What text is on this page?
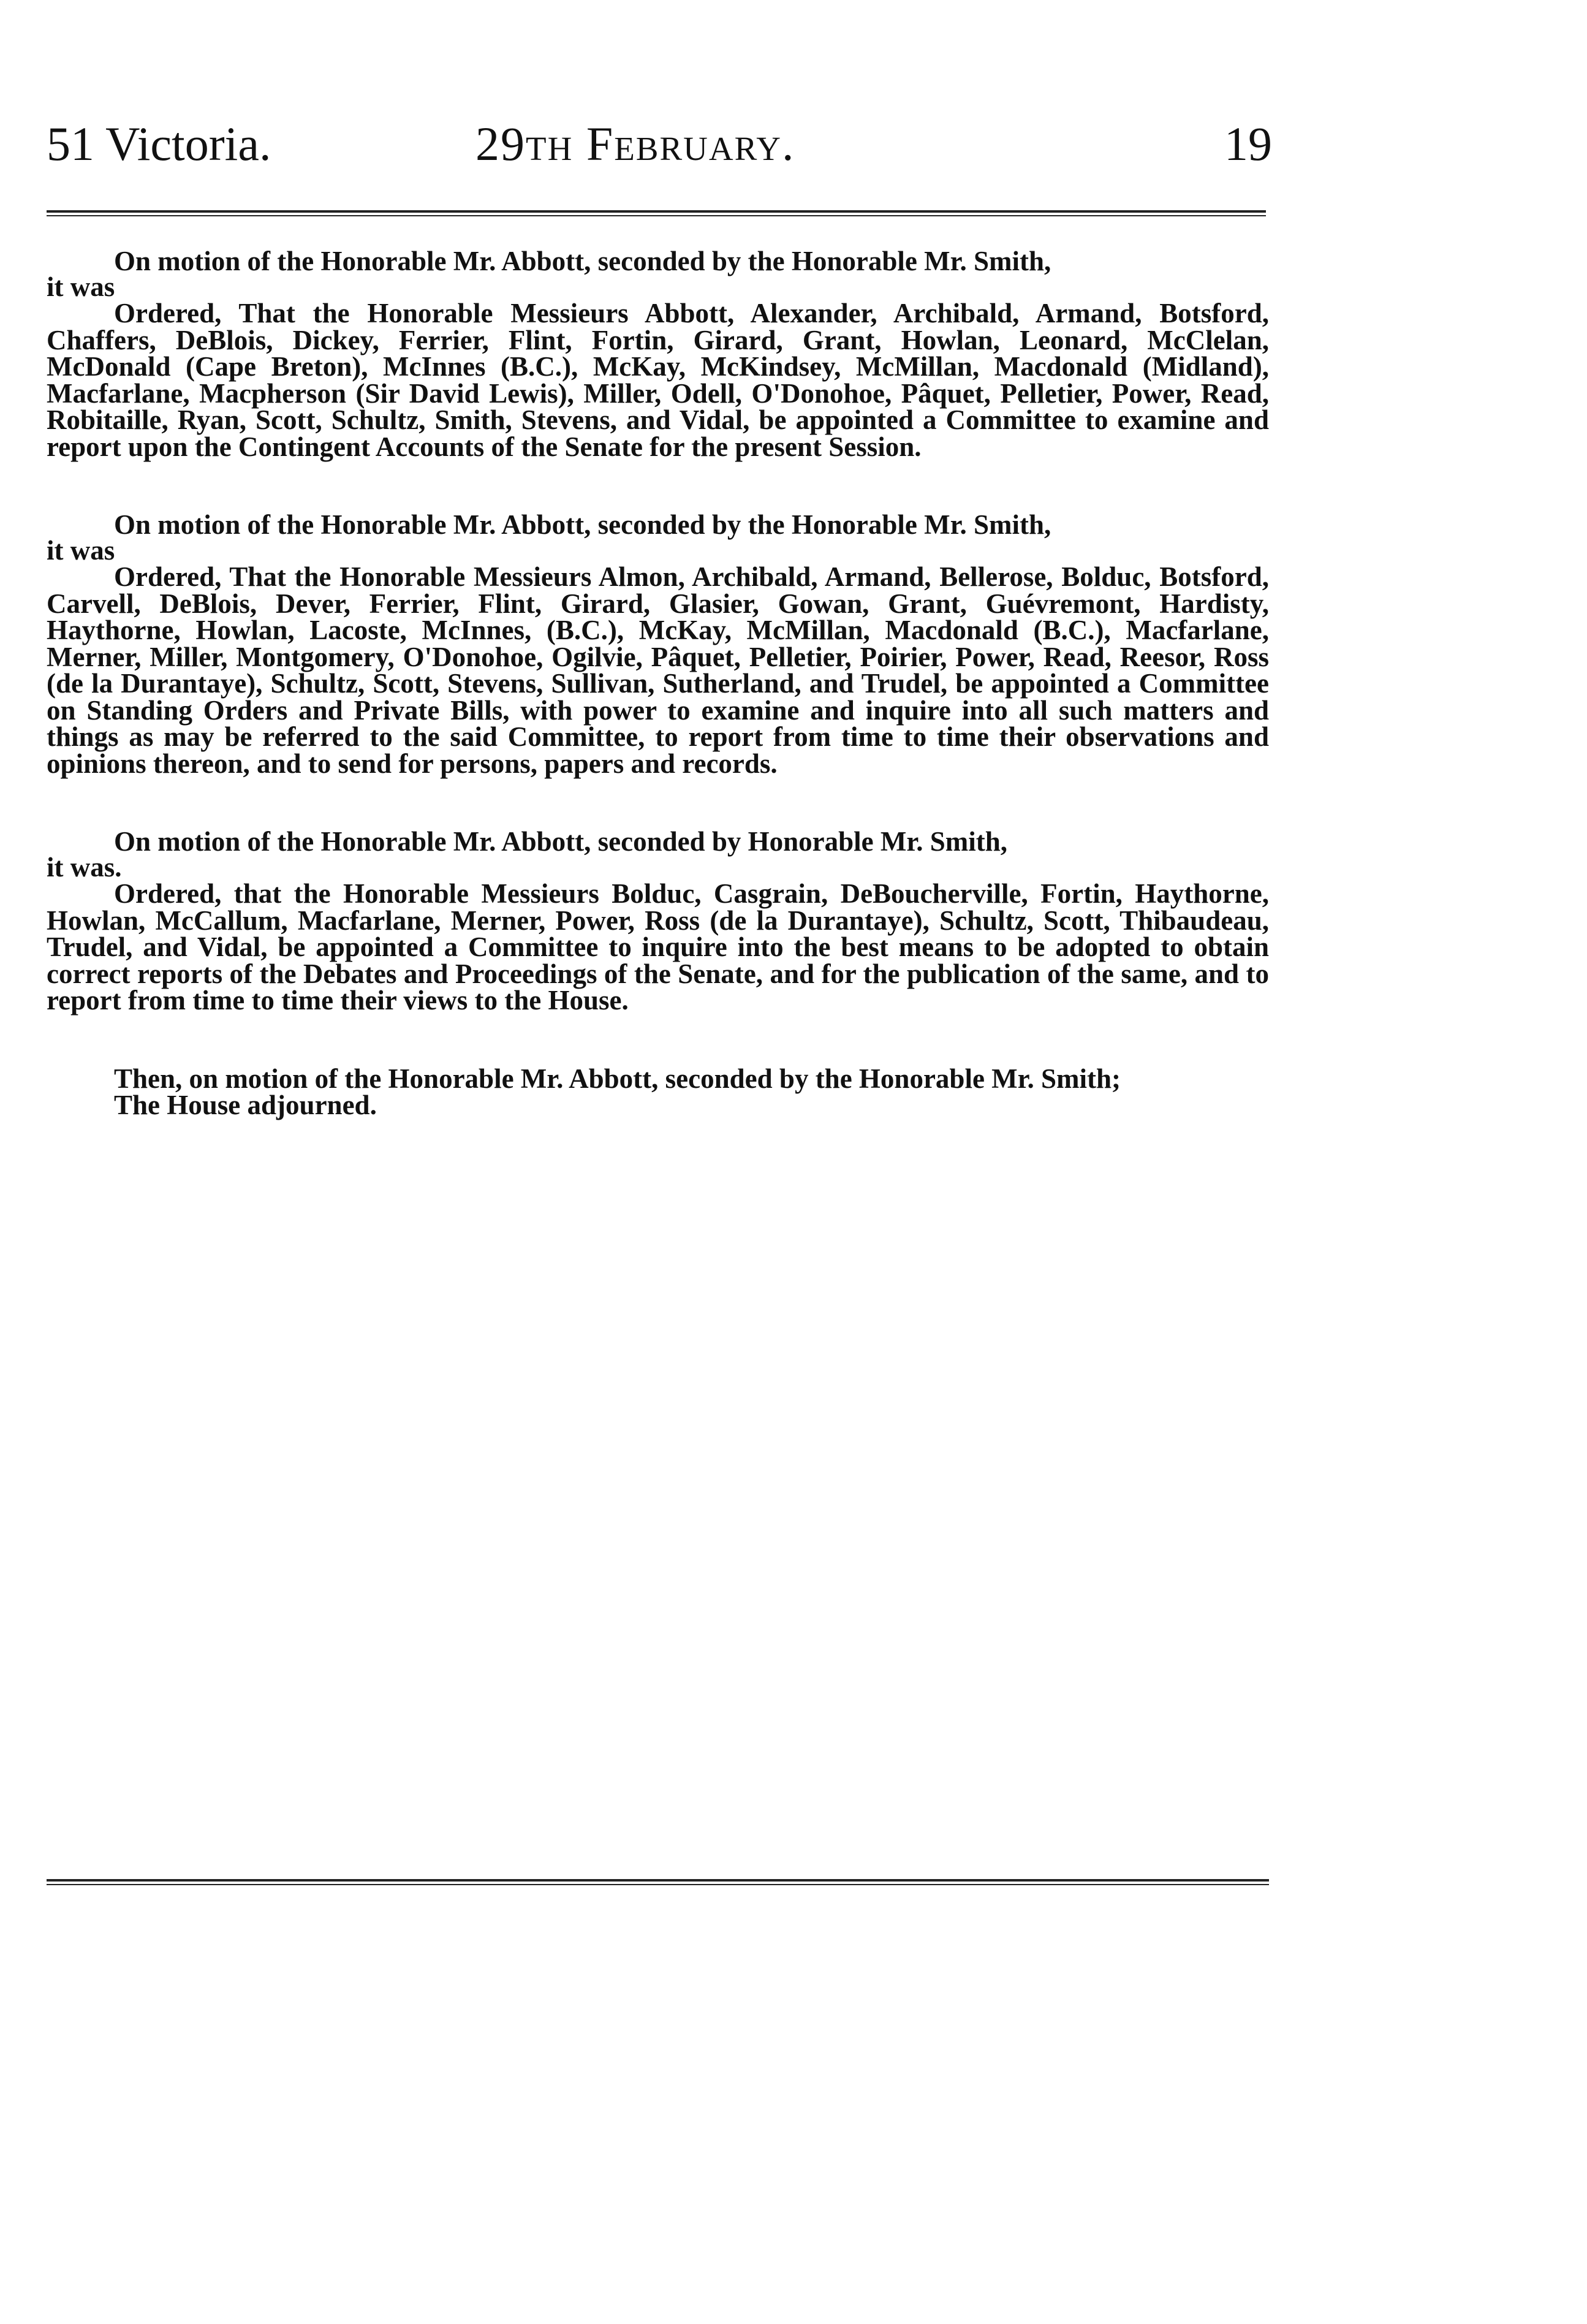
51 Victoria.	29th February.	19

On motion of the Honorable Mr. Abbott, seconded by the Honorable Mr. Smith,

it was

Ordered, That the Honorable Messieurs Abbott, Alexander, Archibald, Armand, Botsford, Chaffers, DeBlois, Dickey, Ferrier, Flint, Fortin, Girard, Grant, Howlan, Leonard, McClelan, McDonald (Cape Breton), McInnes (B.C.), McKay, McKindsey, McMillan, Macdonald (Midland), Macfarlane, Macpherson (Sir David Lewis), Miller, Odell, O'Donohoe, Pâquet, Pelletier, Power, Read, Robitaille, Ryan, Scott, Schultz, Smith, Stevens, and Vidal, be appointed a Committee to examine and report upon the Contingent Accounts of the Senate for the present Session.

On motion of the Honorable Mr. Abbott, seconded by the Honorable Mr. Smith,

it was

Ordered, That the Honorable Messieurs Almon, Archibald, Armand, Bellerose, Bolduc, Botsford, Carvell, DeBlois, Dever, Ferrier, Flint, Girard, Glasier, Gowan, Grant, Guévremont, Hardisty, Haythorne, Howlan, Lacoste, McInnes, (B.C.), McKay, McMillan, Macdonald (B.C.), Macfarlane, Merner, Miller, Montgomery, O'Donohoe, Ogilvie, Pâquet, Pelletier, Poirier, Power, Read, Reesor, Ross (de la Durantaye), Schultz, Scott, Stevens, Sullivan, Sutherland, and Trudel, be appointed a Committee on Standing Orders and Private Bills, with power to examine and inquire into all such matters and things as may be referred to the said Committee, to report from time to time their observations and opinions thereon, and to send for persons, papers and records.

On motion of the Honorable Mr. Abbott, seconded by Honorable Mr. Smith,

it was.

Ordered, that the Honorable Messieurs Bolduc, Casgrain, DeBoucherville, Fortin, Haythorne, Howlan, McCallum, Macfarlane, Merner, Power, Ross (de la Durantaye), Schultz, Scott, Thibaudeau, Trudel, and Vidal, be appointed a Committee to inquire into the best means to be adopted to obtain correct reports of the Debates and Proceedings of the Senate, and for the publication of the same, and to report from time to time their views to the House.

Then, on motion of the Honorable Mr. Abbott, seconded by the Honorable Mr. Smith;

The House adjourned.
